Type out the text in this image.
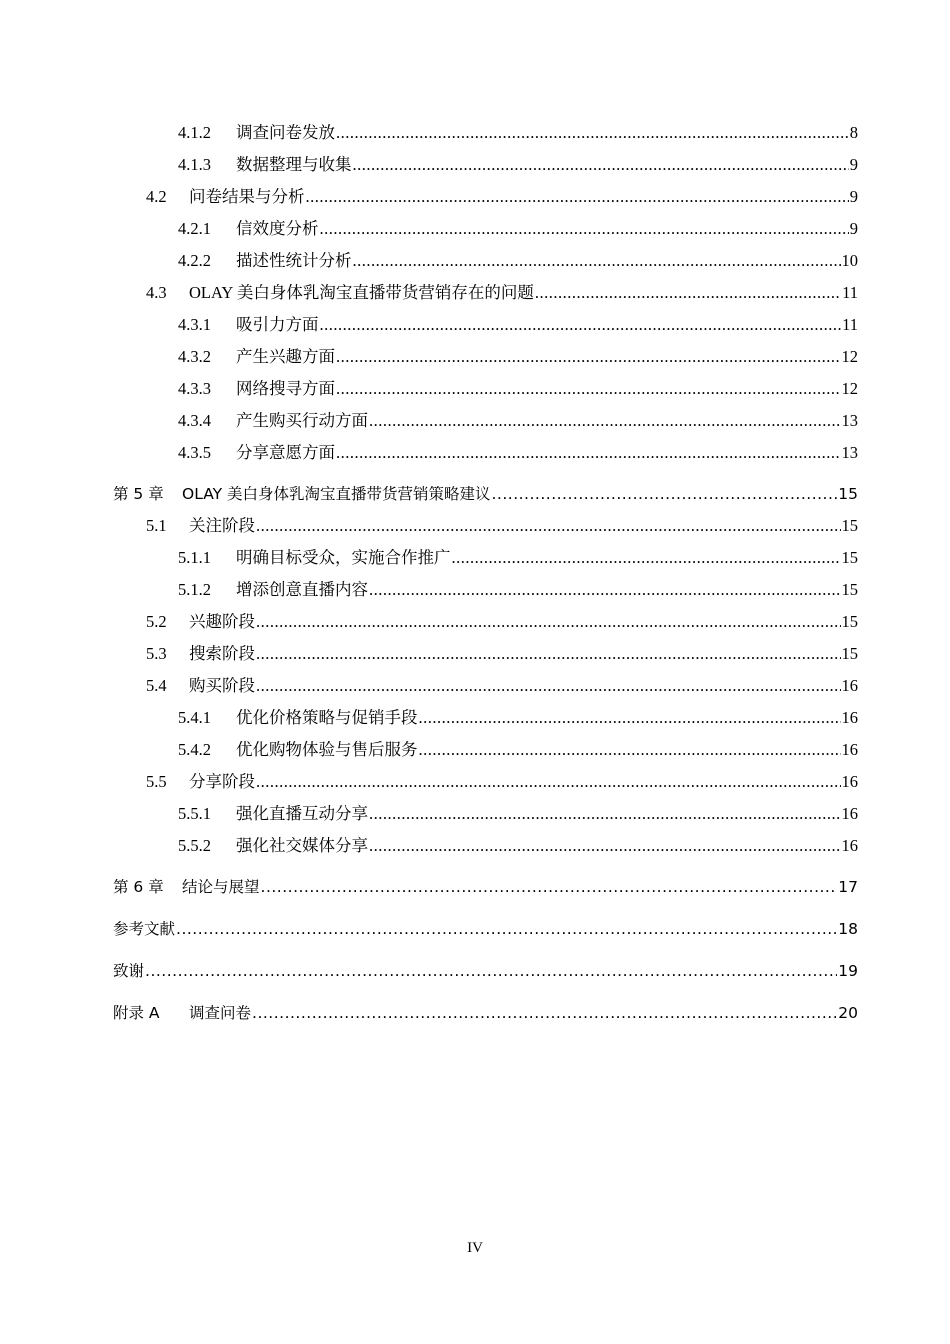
4.1.2 调查问卷发放 .....	8
4.1.3 数据整理与收集 .....	9
4.2 问卷结果与分析 .....	9
4.2.1 信效度分析 .....	9
4.2.2 描述性统计分析 .....	10
4.3 OLAY 美白身体乳淘宝直播带货营销存在的问题 .....	11
4.3.1 吸引力方面 .....	11
4.3.2 产生兴趣方面 .....	12
4.3.3 网络搜寻方面 .....	12
4.3.4 产生购买行动方面 .....	13
4.3.5 分享意愿方面 .....	13
第 5 章 OLAY 美白身体乳淘宝直播带货营销策略建议 .....	15
5.1 关注阶段 .....	15
5.1.1 明确目标受众，实施合作推广 .....	15
5.1.2 增添创意直播内容 .....	15
5.2 兴趣阶段 .....	15
5.3 搜索阶段 .....	15
5.4 购买阶段 .....	16
5.4.1 优化价格策略与促销手段 .....	16
5.4.2 优化购物体验与售后服务 .....	16
5.5 分享阶段 .....	16
5.5.1 强化直播互动分享 .....	16
5.5.2 强化社交媒体分享 .....	16
第 6 章 结论与展望 .....	17
参考文献 .....	18
致谢 .....	19
附录 A 调查问卷 .....	20
IV
